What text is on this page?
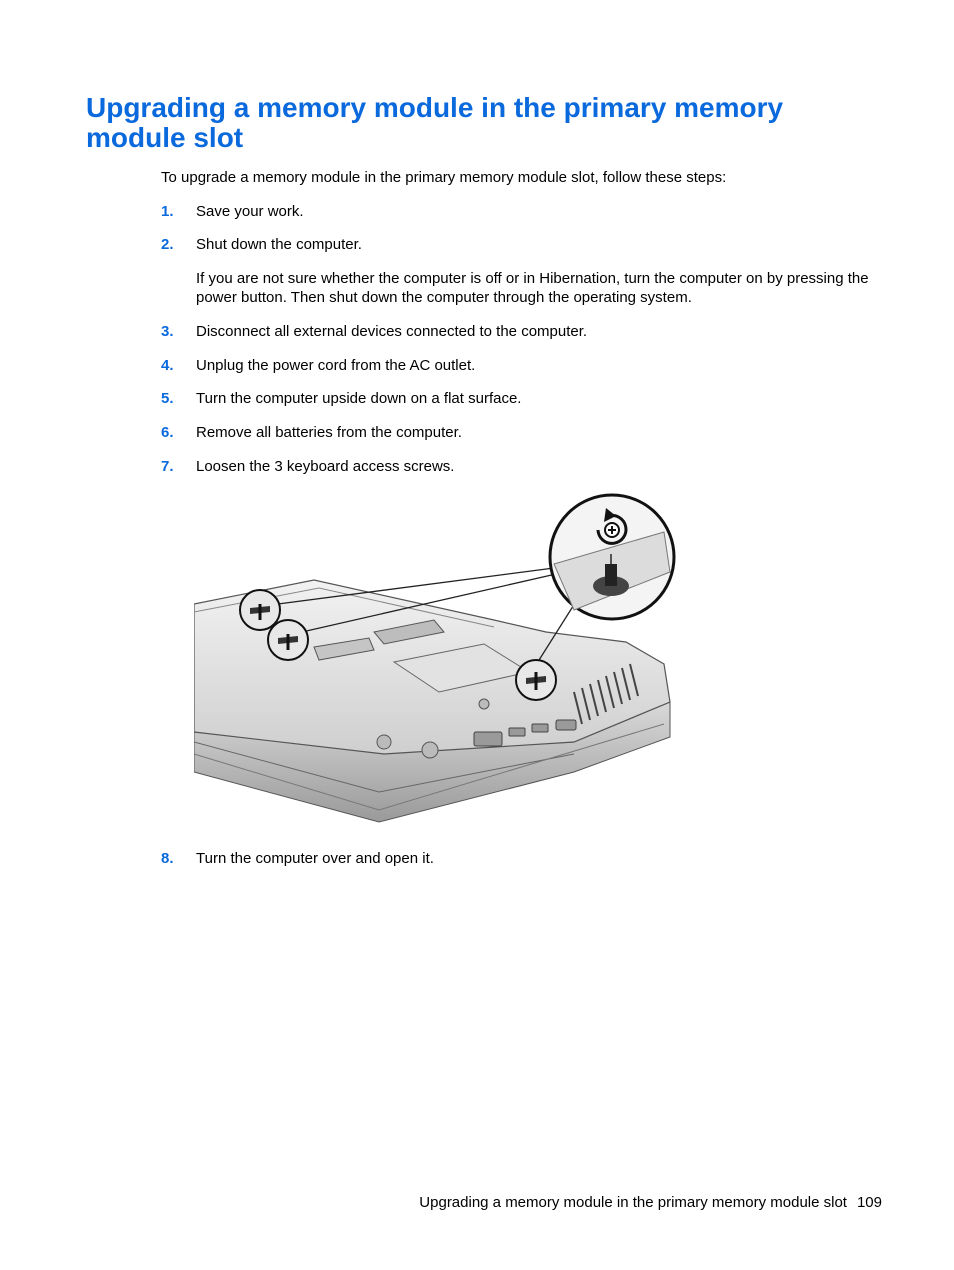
Upgrading a memory module in the primary memory module slot

To upgrade a memory module in the primary memory module slot, follow these steps:

1.	Save your work.
2.	Shut down the computer.

If you are not sure whether the computer is off or in Hibernation, turn the computer on by pressing the power button. Then shut down the computer through the operating system.

3.	Disconnect all external devices connected to the computer.
4.	Unplug the power cord from the AC outlet.
5.	Turn the computer upside down on a flat surface.
6.	Remove all batteries from the computer.
7.	Loosen the 3 keyboard access screws.
8.	Turn the computer over and open it.
Upgrading a memory module in the primary memory module slot 109
